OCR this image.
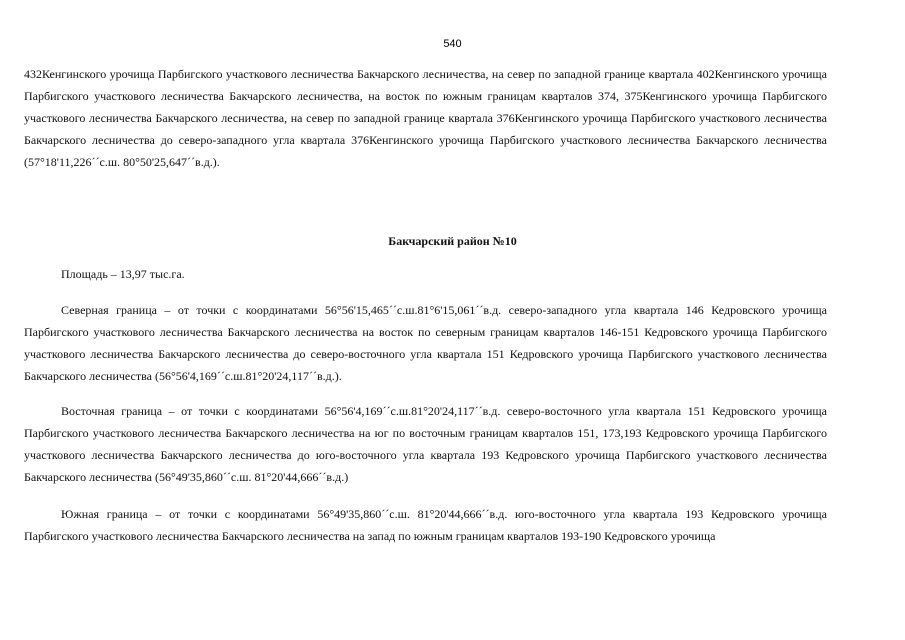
540

432Кенгинского урочища Парбигского участкового лесничества Бакчарского лесничества, на север по западной границе квартала 402Кенгинского урочища Парбигского участкового лесничества Бакчарского лесничества, на восток по южным границам кварталов 374, 375Кенгинского урочища Парбигского участкового лесничества Бакчарского лесничества, на север по западной границе квартала 376Кенгинского урочища Парбигского участкового лесничества Бакчарского лесничества до северо-западного угла квартала 376Кенгинского урочища Парбигского участкового лесничества Бакчарского лесничества (57°18'11,226´´с.ш. 80°50'25,647´´в.д.).

Бакчарский район №10

Площадь – 13,97 тыс.га.

Северная граница – от точки с координатами 56°56'15,465´´с.ш.81°6'15,061´´в.д. северо-западного угла квартала 146 Кедровского урочища Парбигского участкового лесничества Бакчарского лесничества на восток по северным границам кварталов 146-151 Кедровского урочища Парбигского участкового лесничества Бакчарского лесничества до северо-восточного угла квартала 151 Кедровского урочища Парбигского участкового лесничества Бакчарского лесничества (56°56'4,169´´с.ш.81°20'24,117´´в.д.).

Восточная граница – от точки с координатами 56°56'4,169´´с.ш.81°20'24,117´´в.д. северо-восточного угла квартала 151 Кедровского урочища Парбигского участкового лесничества Бакчарского лесничества на юг по восточным границам кварталов 151, 173,193 Кедровского урочища Парбигского участкового лесничества Бакчарского лесничества до юго-восточного угла квартала 193 Кедровского урочища Парбигского участкового лесничества Бакчарского лесничества (56°49'35,860´´с.ш. 81°20'44,666´´в.д.)

Южная граница – от точки с координатами 56°49'35,860´´с.ш. 81°20'44,666´´в.д. юго-восточного угла квартала 193 Кедровского урочища Парбигского участкового лесничества Бакчарского лесничества на запад по южным границам кварталов 193-190 Кедровского урочища
